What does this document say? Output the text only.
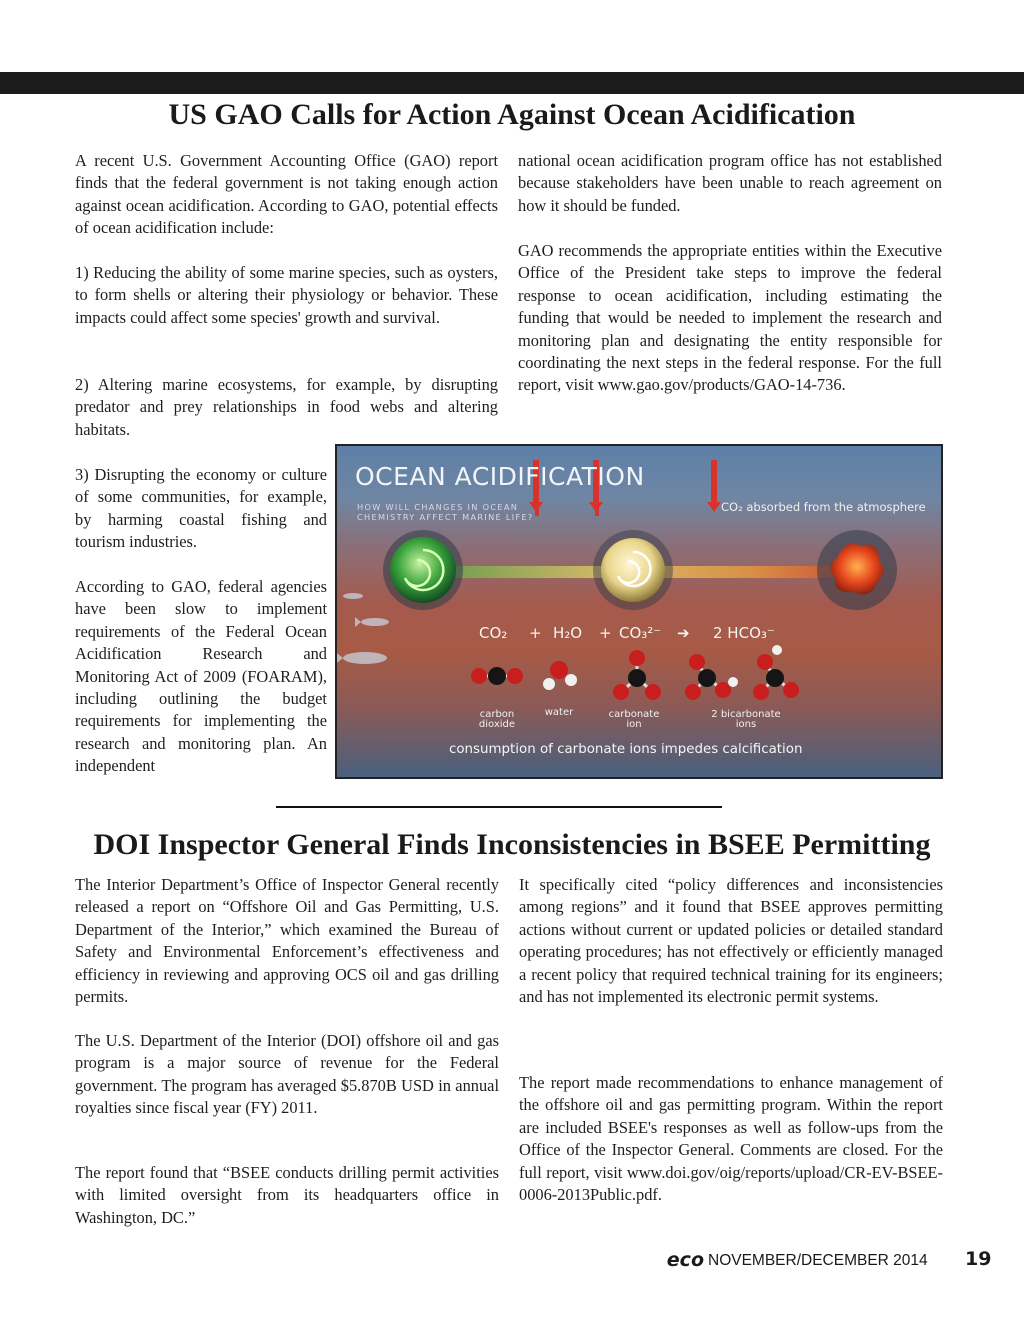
US GAO Calls for Action Against Ocean Acidification

A recent U.S. Government Accounting Office (GAO) report finds that the federal government is not taking enough action against ocean acidification. According to GAO, potential effects of ocean acidification include:

1) Reducing the ability of some marine species, such as oysters, to form shells or altering their physiology or behavior. These impacts could affect some species' growth and survival.

2) Altering marine ecosystems, for example, by disrupting predator and prey relationships in food webs and altering habitats.

3) Disrupting the economy or culture of some communities, for example, by harming coastal fishing and tourism industries.

According to GAO, federal agencies have been slow to implement requirements of the Federal Ocean Acidification Research and Monitoring Act of 2009 (FOARAM), including outlining the budget requirements for implementing the research and monitoring plan. An independent

national ocean acidification program office has not established because stakeholders have been unable to reach agreement on how it should be funded.

GAO recommends the appropriate entities within the Executive Office of the President take steps to improve the federal response to ocean acidification, including estimating the funding that would be needed to implement the research and monitoring plan and designating the entity responsible for coordinating the next steps in the federal response. For the full report, visit www.gao.gov/products/GAO-14-736.

OCEAN ACIDIFICATION
HOW WILL CHANGES IN OCEAN CHEMISTRY AFFECT MARINE LIFE?
CO₂ absorbed from the atmosphere
CO₂ + H₂O + CO₃²⁻ ➔ 2 HCO₃⁻
carbon dioxide
water	carbonate ion
2 bicarbonate ions
consumption of carbonate ions impedes calcification
DOI Inspector General Finds Inconsistencies in BSEE Permitting

The Interior Department’s Office of Inspector General recently released a report on “Offshore Oil and Gas Permitting, U.S. Department of the Interior,” which examined the Bureau of Safety and Environmental Enforcement’s effectiveness and efficiency in reviewing and approving OCS oil and gas drilling permits.

The U.S. Department of the Interior (DOI) offshore oil and gas program is a major source of revenue for the Federal government. The program has averaged $5.870B USD in annual royalties since fiscal year (FY) 2011.

The report found that “BSEE conducts drilling permit activities with limited oversight from its headquarters office in Washington, DC.”

It specifically cited “policy differences and inconsistencies among regions” and it found that BSEE approves permitting actions without current or updated policies or detailed standard operating procedures; has not effectively or efficiently managed a recent policy that required technical training for its engineers; and has not implemented its electronic permit systems.

The report made recommendations to enhance management of the offshore oil and gas permitting program. Within the report are included BSEE's responses as well as follow-ups from the Office of the Inspector General. Comments are closed. For the full report, visit www.doi.gov/oig/reports/upload/CR-EV-BSEE-0006-2013Public.pdf.

eco NOVEMBER/DECEMBER 2014 19
